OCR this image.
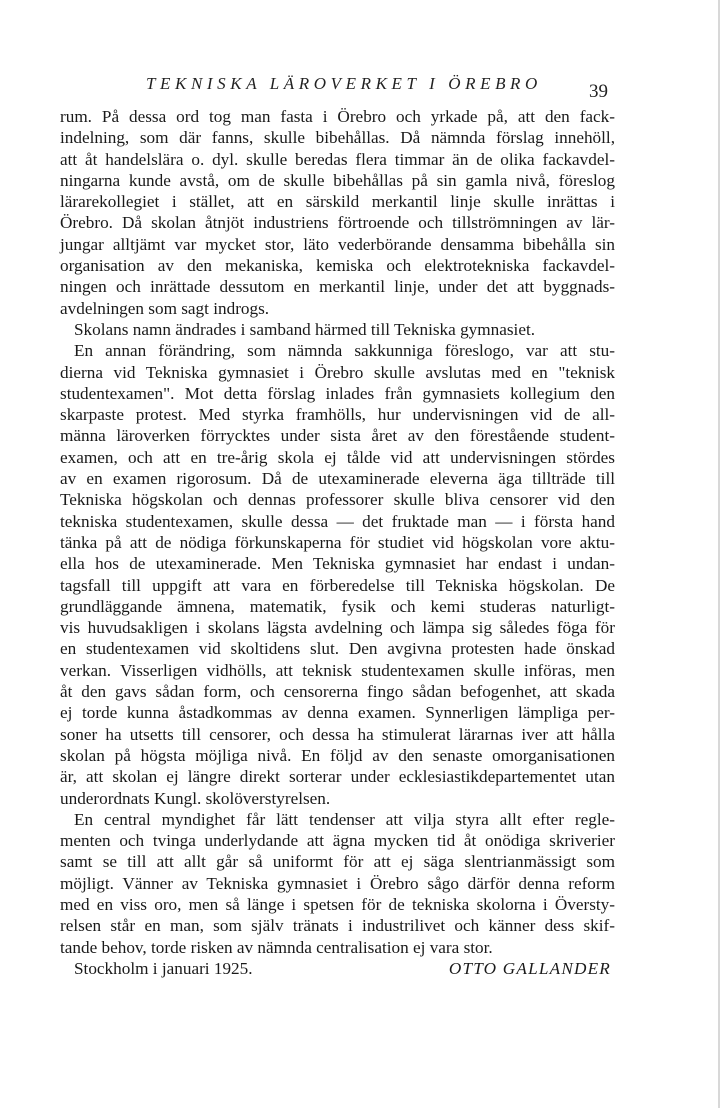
TEKNISKA LÄROVERKET I ÖREBRO 39
rum. På dessa ord tog man fasta i Örebro och yrkade på, att den fack-
indelning, som där fanns, skulle bibehållas. Då nämnda förslag innehöll,
att åt handelslära o. dyl. skulle beredas flera timmar än de olika fackavdel-
ningarna kunde avstå, om de skulle bibehållas på sin gamla nivå, föreslog
lärarekollegiet i stället, att en särskild merkantil linje skulle inrättas i
Örebro. Då skolan åtnjöt industriens förtroende och tillströmningen av lär-
jungar alltjämt var mycket stor, läto vederbörande densamma bibehålla sin
organisation av den mekaniska, kemiska och elektrotekniska fackavdel-
ningen och inrättade dessutom en merkantil linje, under det att byggnads-
avdelningen som sagt indrogs.
Skolans namn ändrades i samband härmed till Tekniska gymnasiet.
En annan förändring, som nämnda sakkunniga föreslogo, var att stu-
dierna vid Tekniska gymnasiet i Örebro skulle avslutas med en "teknisk
studentexamen". Mot detta förslag inlades från gymnasiets kollegium den
skarpaste protest. Med styrka framhölls, hur undervisningen vid de all-
männa läroverken förrycktes under sista året av den förestående student-
examen, och att en tre-årig skola ej tålde vid att undervisningen stördes
av en examen rigorosum. Då de utexaminerade eleverna äga tillträde till
Tekniska högskolan och dennas professorer skulle bliva censorer vid den
tekniska studentexamen, skulle dessa — det fruktade man — i första hand
tänka på att de nödiga förkunskaperna för studiet vid högskolan vore aktu-
ella hos de utexaminerade. Men Tekniska gymnasiet har endast i undan-
tagsfall till uppgift att vara en förberedelse till Tekniska högskolan. De
grundläggande ämnena, matematik, fysik och kemi studeras naturligt-
vis huvudsakligen i skolans lägsta avdelning och lämpa sig således föga för
en studentexamen vid skoltidens slut. Den avgivna protesten hade önskad
verkan. Visserligen vidhölls, att teknisk studentexamen skulle införas, men
åt den gavs sådan form, och censorerna fingo sådan befogenhet, att skada
ej torde kunna åstadkommas av denna examen. Synnerligen lämpliga per-
soner ha utsetts till censorer, och dessa ha stimulerat lärarnas iver att hålla
skolan på högsta möjliga nivå. En följd av den senaste omorganisationen
är, att skolan ej längre direkt sorterar under ecklesiastikdepartementet utan
underordnats Kungl. skolöverstyrelsen.
En central myndighet får lätt tendenser att vilja styra allt efter regle-
menten och tvinga underlydande att ägna mycken tid åt onödiga skriverier
samt se till att allt går så uniformt för att ej säga slentrianmässigt som
möjligt. Vänner av Tekniska gymnasiet i Örebro sågo därför denna reform
med en viss oro, men så länge i spetsen för de tekniska skolorna i Översty-
relsen står en man, som själv tränats i industrilivet och känner dess skif-
tande behov, torde risken av nämnda centralisation ej vara stor.
Stockholm i januari 1925.	OTTO GALLANDER
